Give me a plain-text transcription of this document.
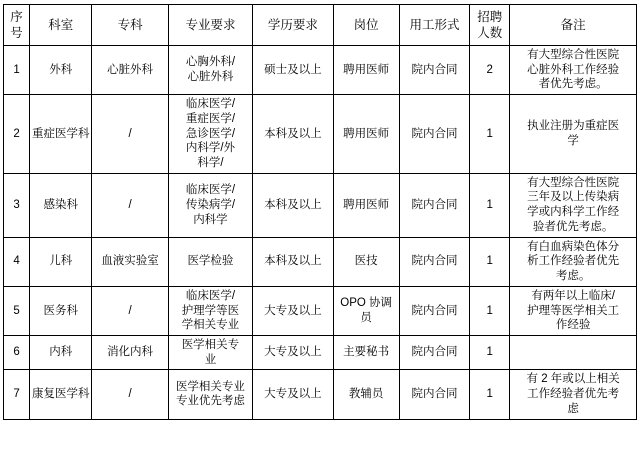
序号	科室	专科	专业要求	学历要求	岗位	用工形式	招聘人数	备注
1	外科	心脏外科	心胸外科/
心脏外科	硕士及以上	聘用医师	院内合同	2	有大型综合性医院
心脏外科工作经验
者优先考虑。

2	重症医学科	/	临床医学/
重症医学/
急诊医学/
内科学/外
科学/	本科及以上	聘用医师	院内合同	1	执业注册为重症医
学

3	感染科	/	临床医学/
传染病学/
内科学	本科及以上	聘用医师	院内合同	1	有大型综合性医院
三年及以上传染病
学或内科学工作经
验者优先考虑。

4	儿科	血液实验室	医学检验	本科及以上	医技	院内合同	1	有白血病染色体分
析工作经验者优先
考虑。

5	医务科	/	临床医学/
护理学等医
学相关专业	大专及以上	OPO 协调
员	院内合同	1	有两年以上临床/
护理等医学相关工
作经验

6	内科	消化内科	医学相关专
业	大专及以上	主要秘书	院内合同	1	

7	康复医学科	/	医学相关专业
专业优先考虑	大专及以上	教辅员	院内合同	1	有 2 年或以上相关
工作经验者优先考
虑
